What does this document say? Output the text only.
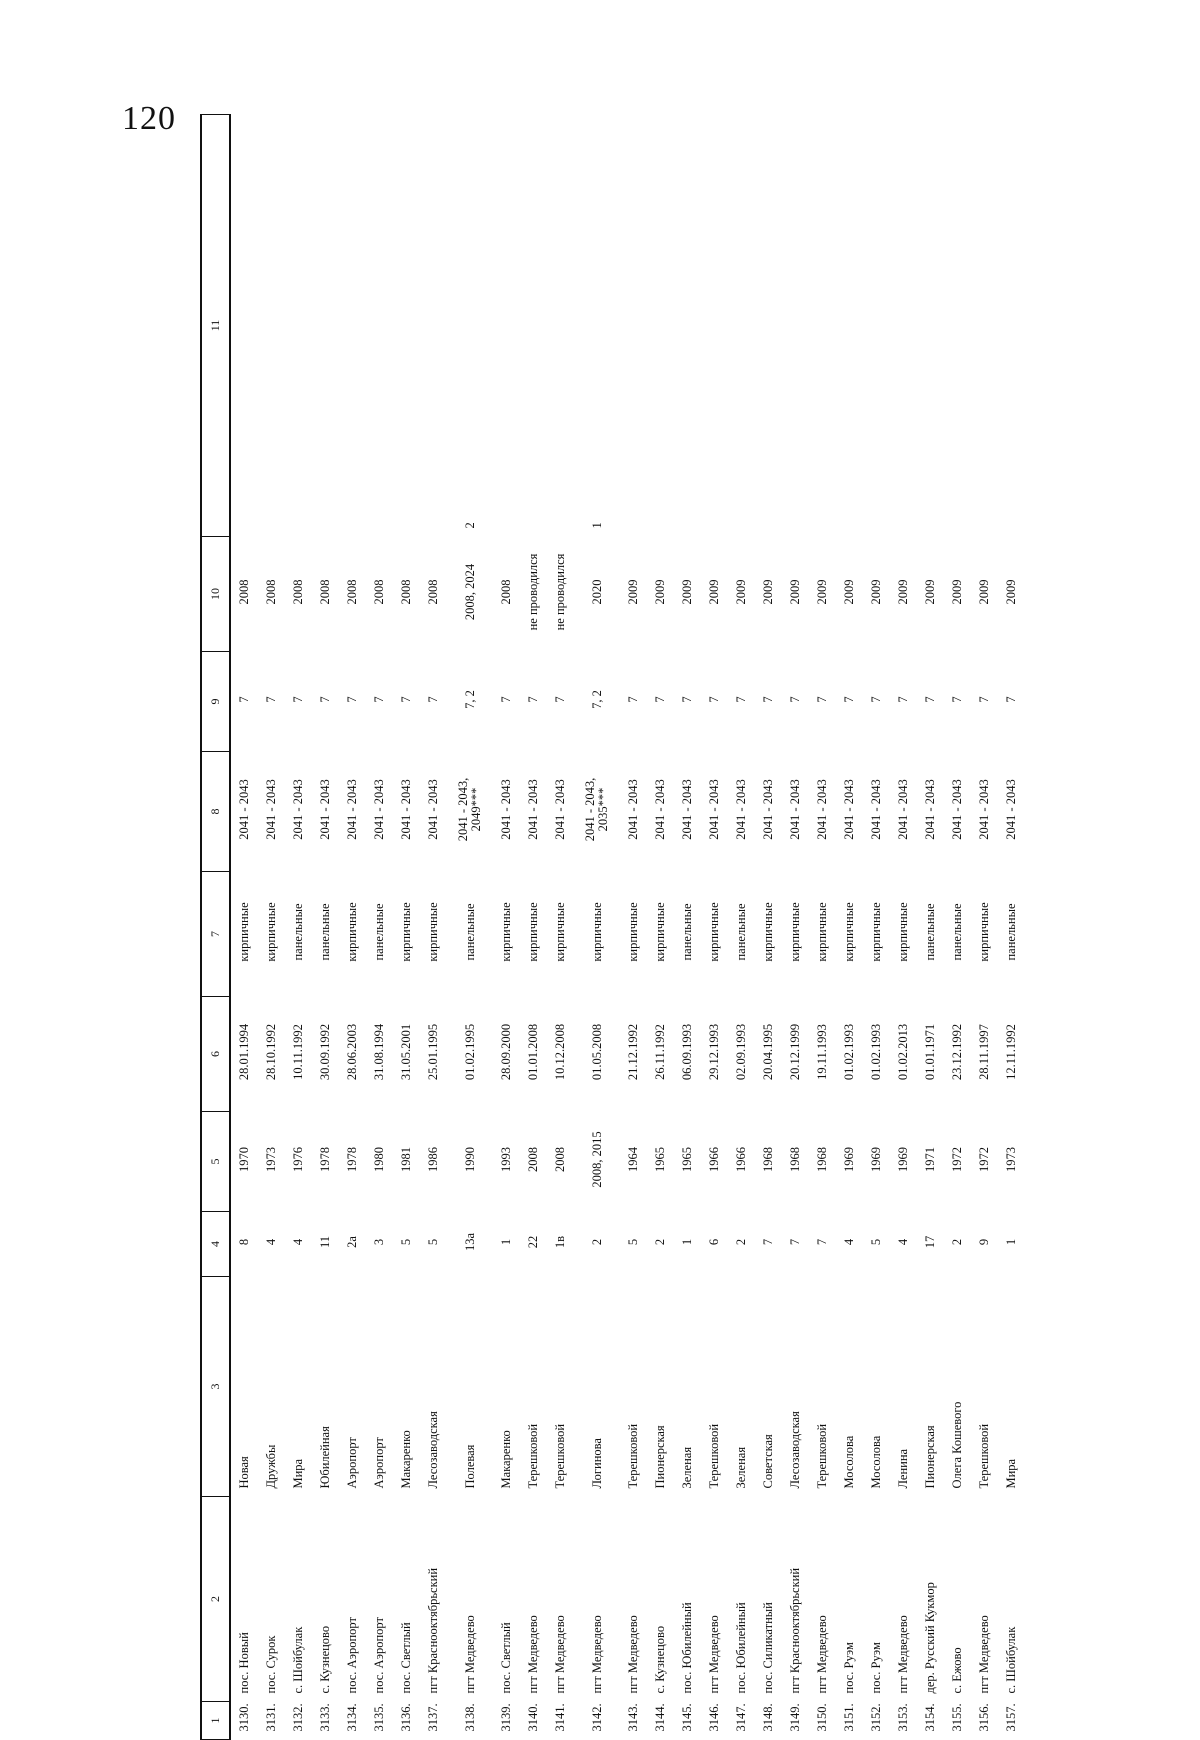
120
1	2	3	4	5	6	7	8	9	10	11
3130.	пос. Новый	Новая	8	1970	28.01.1994	кирпичные	2041 - 2043	7	2008	
3131.	пос. Сурок	Дружбы	4	1973	28.10.1992	кирпичные	2041 - 2043	7	2008	
3132.	с. Шойбулак	Мира	4	1976	10.11.1992	панельные	2041 - 2043	7	2008	
3133.	с. Кузнецово	Юбилейная	11	1978	30.09.1992	панельные	2041 - 2043	7	2008	
3134.	пос. Аэропорт	Аэропорт	2а	1978	28.06.2003	кирпичные	2041 - 2043	7	2008	
3135.	пос. Аэропорт	Аэропорт	3	1980	31.08.1994	панельные	2041 - 2043	7	2008	
3136.	пос. Светлый	Макаренко	5	1981	31.05.2001	кирпичные	2041 - 2043	7	2008	
3137.	пгт Краснооктябрьский	Лесозаводская	5	1986	25.01.1995	кирпичные	2041 - 2043	7	2008	
3138.	пгт Медведево	Полевая	13а	1990	01.02.1995	панельные	2041 - 2043, 2049***	7, 2	2008, 2024	2
3139.	пос. Светлый	Макаренко	1	1993	28.09.2000	кирпичные	2041 - 2043	7	2008	
3140.	пгт Медведево	Терешковой	22	2008	01.01.2008	кирпичные	2041 - 2043	7	не проводился	
3141.	пгт Медведево	Терешковой	1в	2008	10.12.2008	кирпичные	2041 - 2043	7	не проводился	
3142.	пгт Медведево	Логинова	2	2008, 2015	01.05.2008	кирпичные	2041 - 2043, 2035***	7, 2	2020	1
3143.	пгт Медведево	Терешковой	5	1964	21.12.1992	кирпичные	2041 - 2043	7	2009	
3144.	с. Кузнецово	Пионерская	2	1965	26.11.1992	кирпичные	2041 - 2043	7	2009	
3145.	пос. Юбилейный	Зеленая	1	1965	06.09.1993	панельные	2041 - 2043	7	2009	
3146.	пгт Медведево	Терешковой	6	1966	29.12.1993	кирпичные	2041 - 2043	7	2009	
3147.	пос. Юбилейный	Зеленая	2	1966	02.09.1993	панельные	2041 - 2043	7	2009	
3148.	пос. Силикатный	Советская	7	1968	20.04.1995	кирпичные	2041 - 2043	7	2009	
3149.	пгт Краснооктябрьский	Лесозаводская	7	1968	20.12.1999	кирпичные	2041 - 2043	7	2009	
3150.	пгт Медведево	Терешковой	7	1968	19.11.1993	кирпичные	2041 - 2043	7	2009	
3151.	пос. Руэм	Мосолова	4	1969	01.02.1993	кирпичные	2041 - 2043	7	2009	
3152.	пос. Руэм	Мосолова	5	1969	01.02.1993	кирпичные	2041 - 2043	7	2009	
3153.	пгт Медведево	Ленина	4	1969	01.02.2013	кирпичные	2041 - 2043	7	2009	
3154.	дер. Русский Кукмор	Пионерская	17	1971	01.01.1971	панельные	2041 - 2043	7	2009	
3155.	с. Ежово	Олега Кошевого	2	1972	23.12.1992	панельные	2041 - 2043	7	2009	
3156.	пгт Медведево	Терешковой	9	1972	28.11.1997	кирпичные	2041 - 2043	7	2009	
3157.	с. Шойбулак	Мира	1	1973	12.11.1992	панельные	2041 - 2043	7	2009	
